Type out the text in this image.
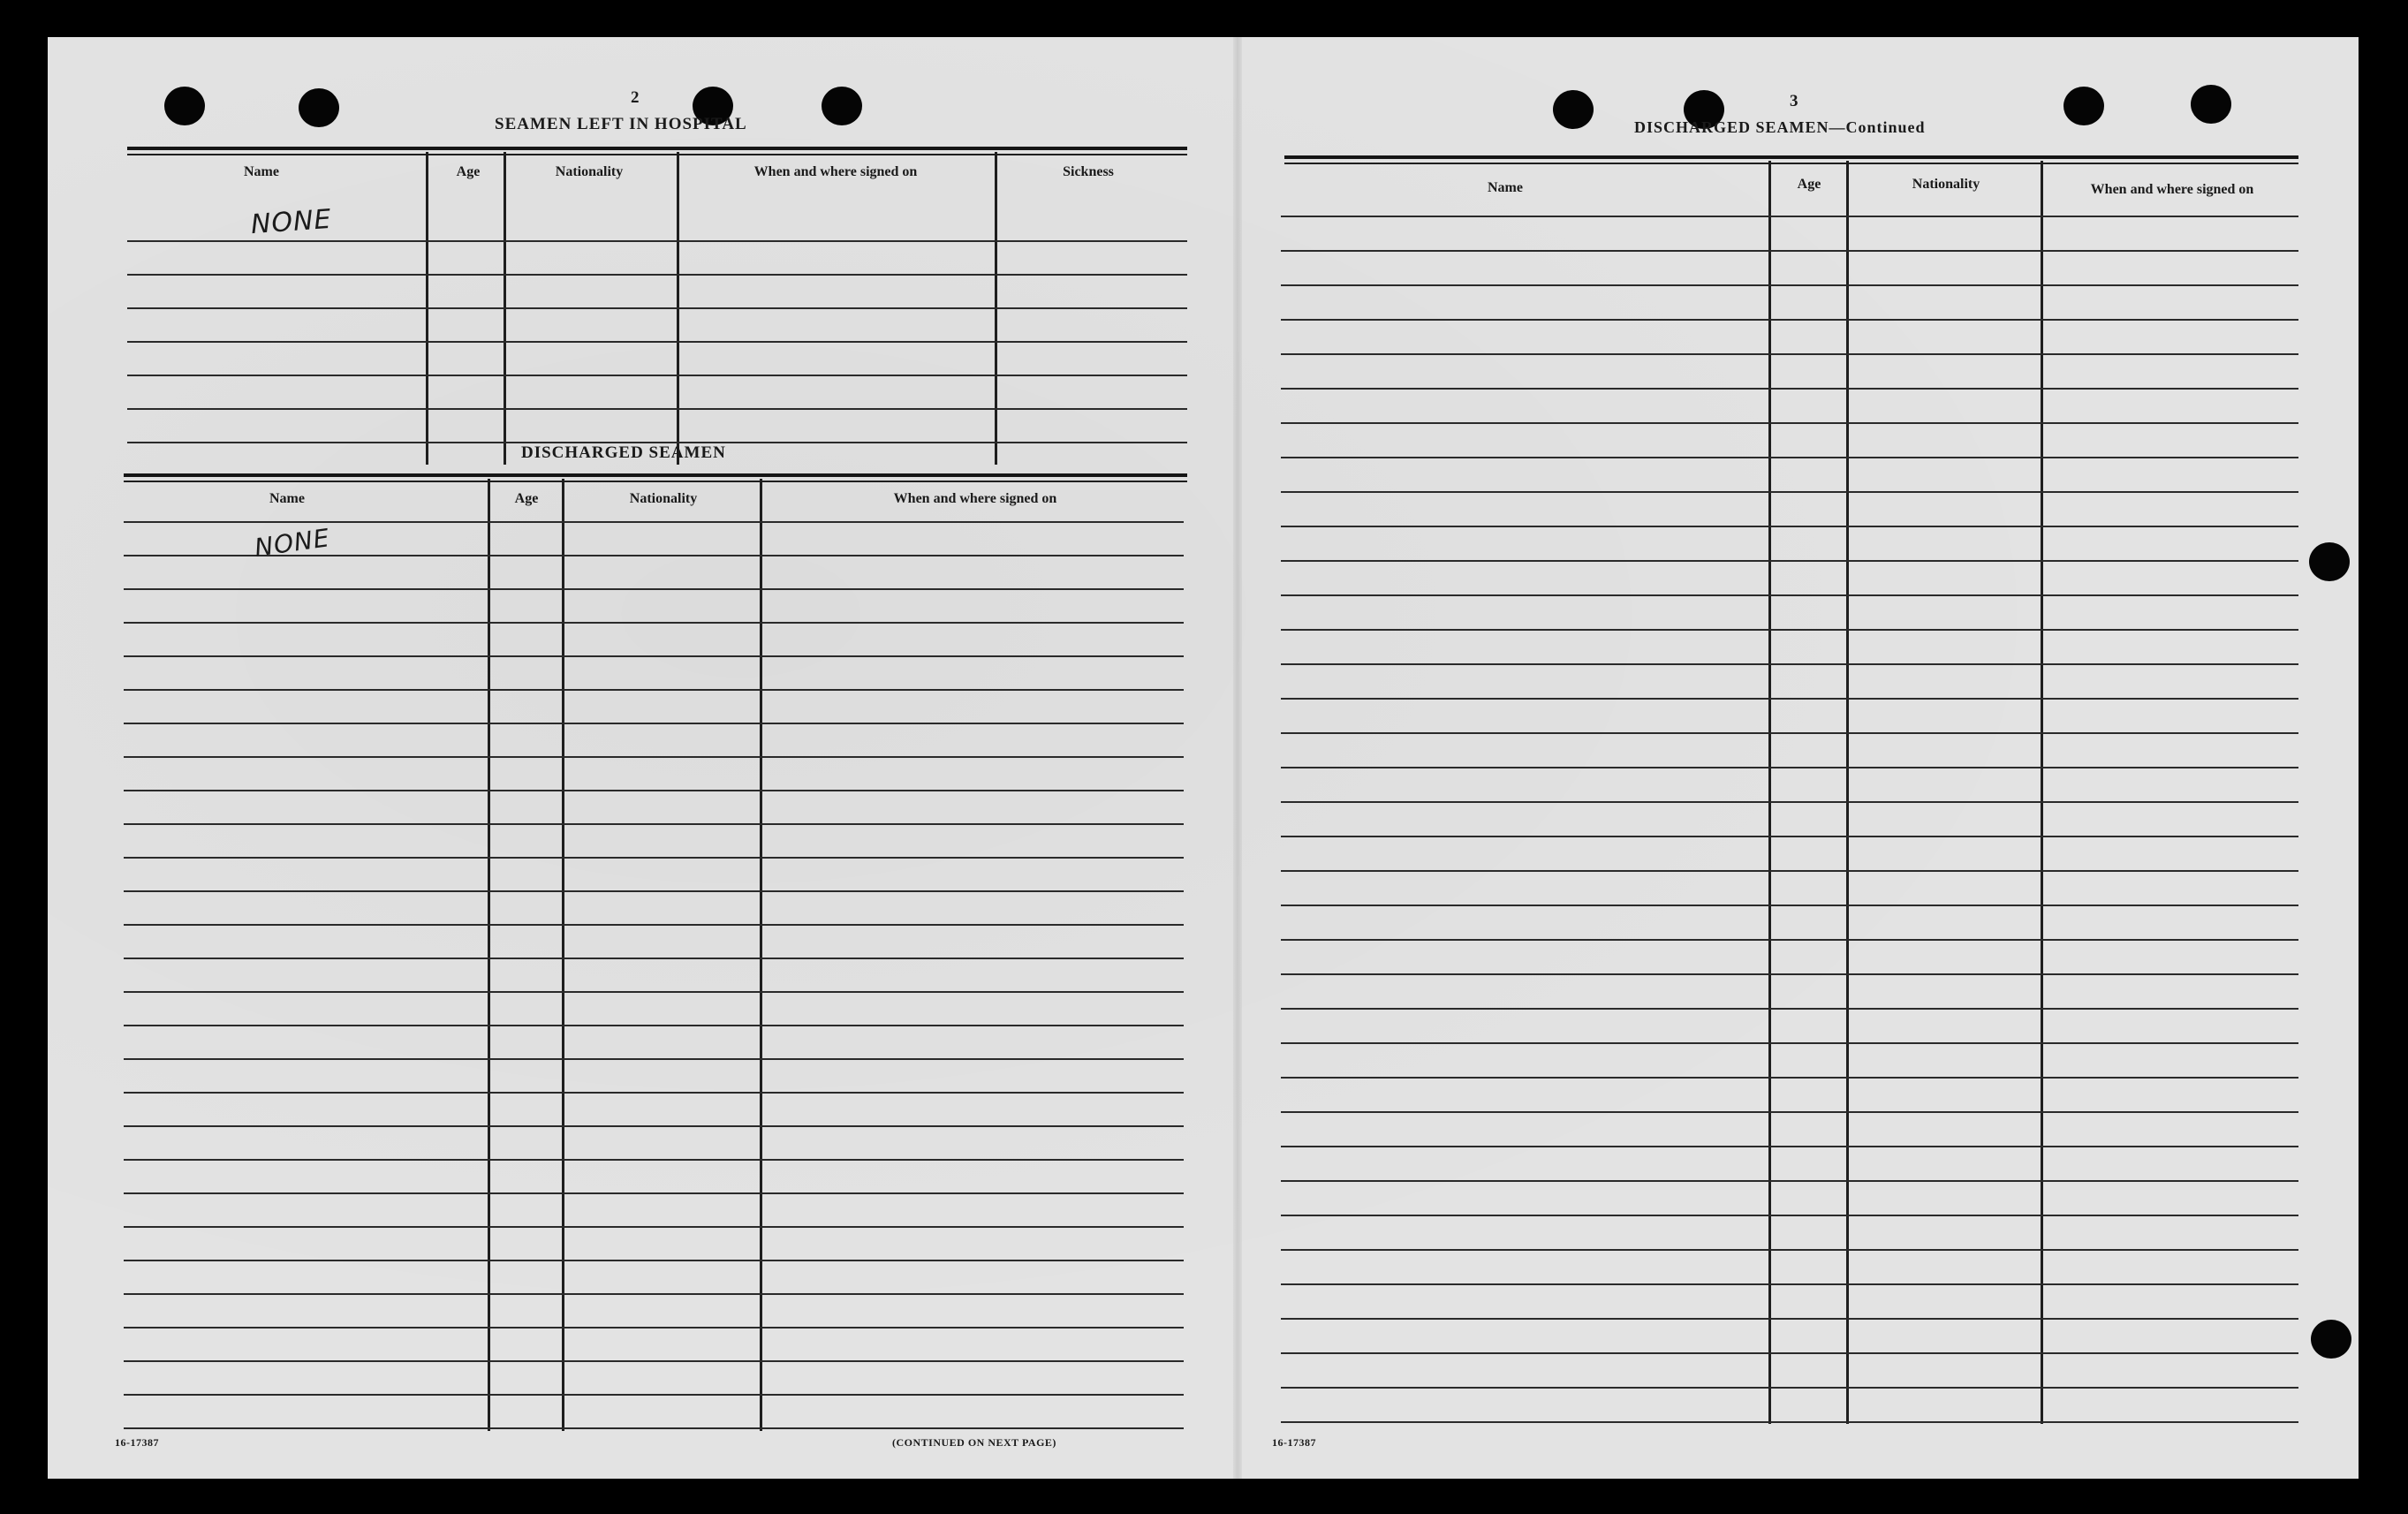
2
SEAMEN LEFT IN HOSPITAL
Name	Age	Nationality	When and where signed on	Sickness
NONE
DISCHARGED SEAMEN
Name	Age	Nationality	When and where signed on
NONE
16-17387	(CONTINUED ON NEXT PAGE)
3
DISCHARGED SEAMEN—Continued
Name	Age	Nationality	When and where signed on
16-17387
